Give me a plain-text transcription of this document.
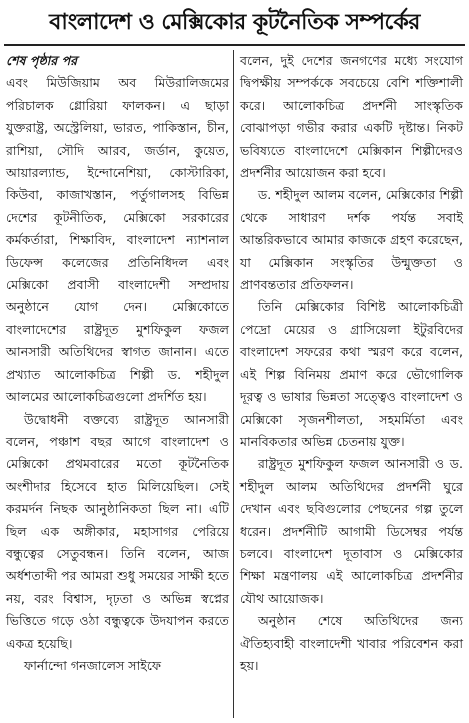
বাংলাদেশ ও মেক্সিকোর কূটনৈতিক সম্পর্কের

শেষ পৃষ্ঠার পর

এবং মিউজিয়াম অব মিউরালিজমের পরিচালক গ্লোরিয়া ফালকন। এ ছাড়া যুক্তরাষ্ট্র, অস্ট্রেলিয়া, ভারত, পাকিস্তান, চীন, রাশিয়া, সৌদি আরব, জর্ডান, কুয়েত, আয়ারল্যান্ড, ইন্দোনেশিয়া, কোস্টারিকা, কিউবা, কাজাখস্তান, পর্তুগালসহ বিভিন্ন দেশের কূটনীতিক, মেক্সিকো সরকারের কর্মকর্তারা, শিক্ষাবিদ, বাংলাদেশ ন্যাশনাল ডিফেন্স কলেজের প্রতিনিধিদল এবং মেক্সিকো প্রবাসী বাংলাদেশী সম্প্রদায় অনুষ্ঠানে যোগ দেন। মেক্সিকোতে বাংলাদেশের রাষ্ট্রদূত মুশফিকুল ফজল আনসারী অতিথিদের স্বাগত জানান। এতে প্রখ্যাত আলোকচিত্র শিল্পী ড. শহীদুল আলমের আলোকচিত্রগুলো প্রদর্শিত হয়।

উদ্বোধনী বক্তব্যে রাষ্ট্রদূত আনসারী বলেন, পঞ্চাশ বছর আগে বাংলাদেশ ও মেক্সিকো প্রথমবারের মতো কূটনৈতিক অংশীদার হিসেবে হাত মিলিয়েছিল। সেই করমর্দন নিছক আনুষ্ঠানিকতা ছিল না। এটি ছিল এক অঙ্গীকার, মহাসাগর পেরিয়ে বন্ধুত্বের সেতুবন্ধন। তিনি বলেন, আজ অর্ধশতাব্দী পর আমরা শুধু সময়ের সাক্ষী হতে নয়, বরং বিশ্বাস, দৃঢ়তা ও অভিন্ন স্বপ্নের ভিত্তিতে গড়ে ওঠা বন্ধুত্বকে উদযাপন করতে একত্র হয়েছি।

ফার্নান্দো গনজালেস সাইফে

বলেন, দুই দেশের জনগণের মধ্যে সংযোগ দ্বিপক্ষীয় সম্পর্ককে সবচেয়ে বেশি শক্তিশালী করে। আলোকচিত্র প্রদর্শনী সাংস্কৃতিক বোঝাপড়া গভীর করার একটি দৃষ্টান্ত। নিকট ভবিষ্যতে বাংলাদেশে মেক্সিকান শিল্পীদেরও প্রদর্শনীর আয়োজন করা হবে।

ড. শহীদুল আলম বলেন, মেক্সিকোর শিল্পী থেকে সাধারণ দর্শক পর্যন্ত সবাই আন্তরিকভাবে আমার কাজকে গ্রহণ করেছেন, যা মেক্সিকান সংস্কৃতির উন্মুক্ততা ও প্রাণবন্ততার প্রতিফলন।

তিনি মেক্সিকোর বিশিষ্ট আলোকচিত্রী পেদ্রো মেয়ের ও গ্রাসিয়েলা ইটুরবিদের বাংলাদেশ সফরের কথা স্মরণ করে বলেন, এই শিল্প বিনিময় প্রমাণ করে ভৌগোলিক দূরত্ব ও ভাষার ভিন্নতা সত্ত্বেও বাংলাদেশ ও মেক্সিকো সৃজনশীলতা, সহমর্মিতা এবং মানবিকতার অভিন্ন চেতনায় যুক্ত।

রাষ্ট্রদূত মুশফিকুল ফজল আনসারী ও ড. শহীদুল আলম অতিথিদের প্রদর্শনী ঘুরে দেখান এবং ছবিগুলোর পেছনের গল্প তুলে ধরেন। প্রদর্শনীটি আগামী ডিসেম্বর পর্যন্ত চলবে। বাংলাদেশ দূতাবাস ও মেক্সিকোর শিক্ষা মন্ত্রণালয় এই আলোকচিত্র প্রদর্শনীর যৌথ আয়োজক।

অনুষ্ঠান শেষে অতিথিদের জন্য ঐতিহ্যবাহী বাংলাদেশী খাবার পরিবেশন করা হয়।
